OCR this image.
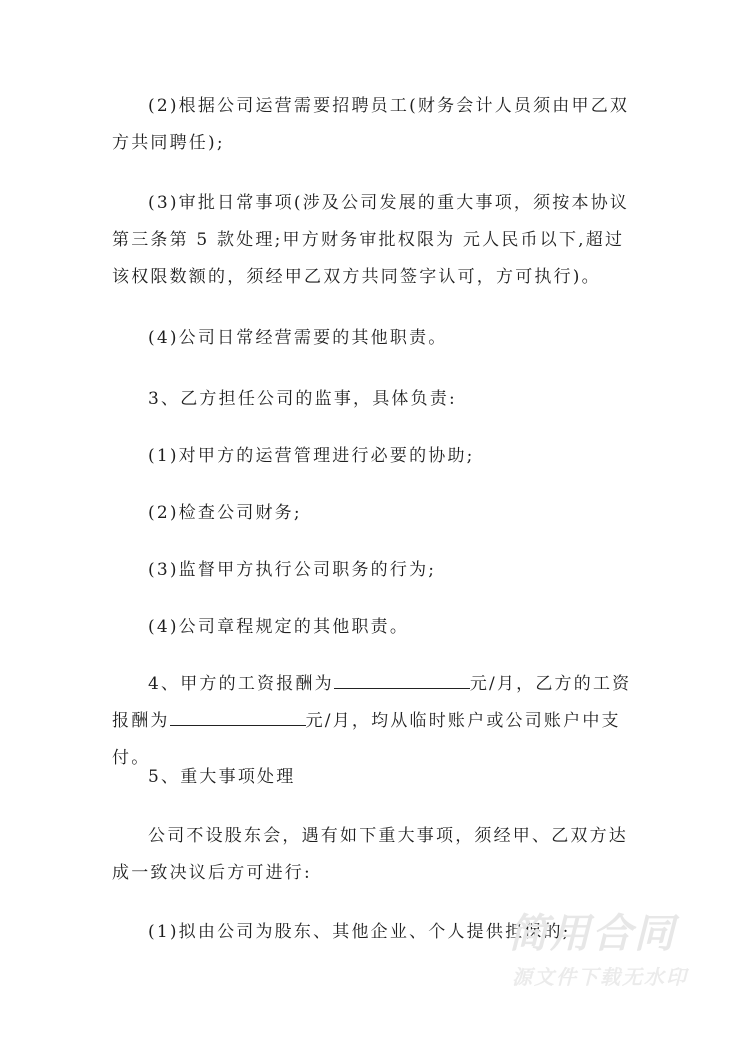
(2)根据公司运营需要招聘员工(财务会计人员须由甲乙双方共同聘任);

(3)审批日常事项(涉及公司发展的重大事项，须按本协议第三条第 5 款处理;甲方财务审批权限为 元人民币以下,超过该权限数额的，须经甲乙双方共同签字认可，方可执行)。

(4)公司日常经营需要的其他职责。

3、乙方担任公司的监事，具体负责:

(1)对甲方的运营管理进行必要的协助;

(2)检查公司财务;

(3)监督甲方执行公司职务的行为;

(4)公司章程规定的其他职责。

4、甲方的工资报酬为	元/月，乙方的工资报酬为	元/月，均从临时账户或公司账户中支付。

5、重大事项处理

公司不设股东会，遇有如下重大事项，须经甲、乙双方达成一致决议后方可进行:

(1)拟由公司为股东、其他企业、个人提供担保的;

简用合同
源文件下载无水印
